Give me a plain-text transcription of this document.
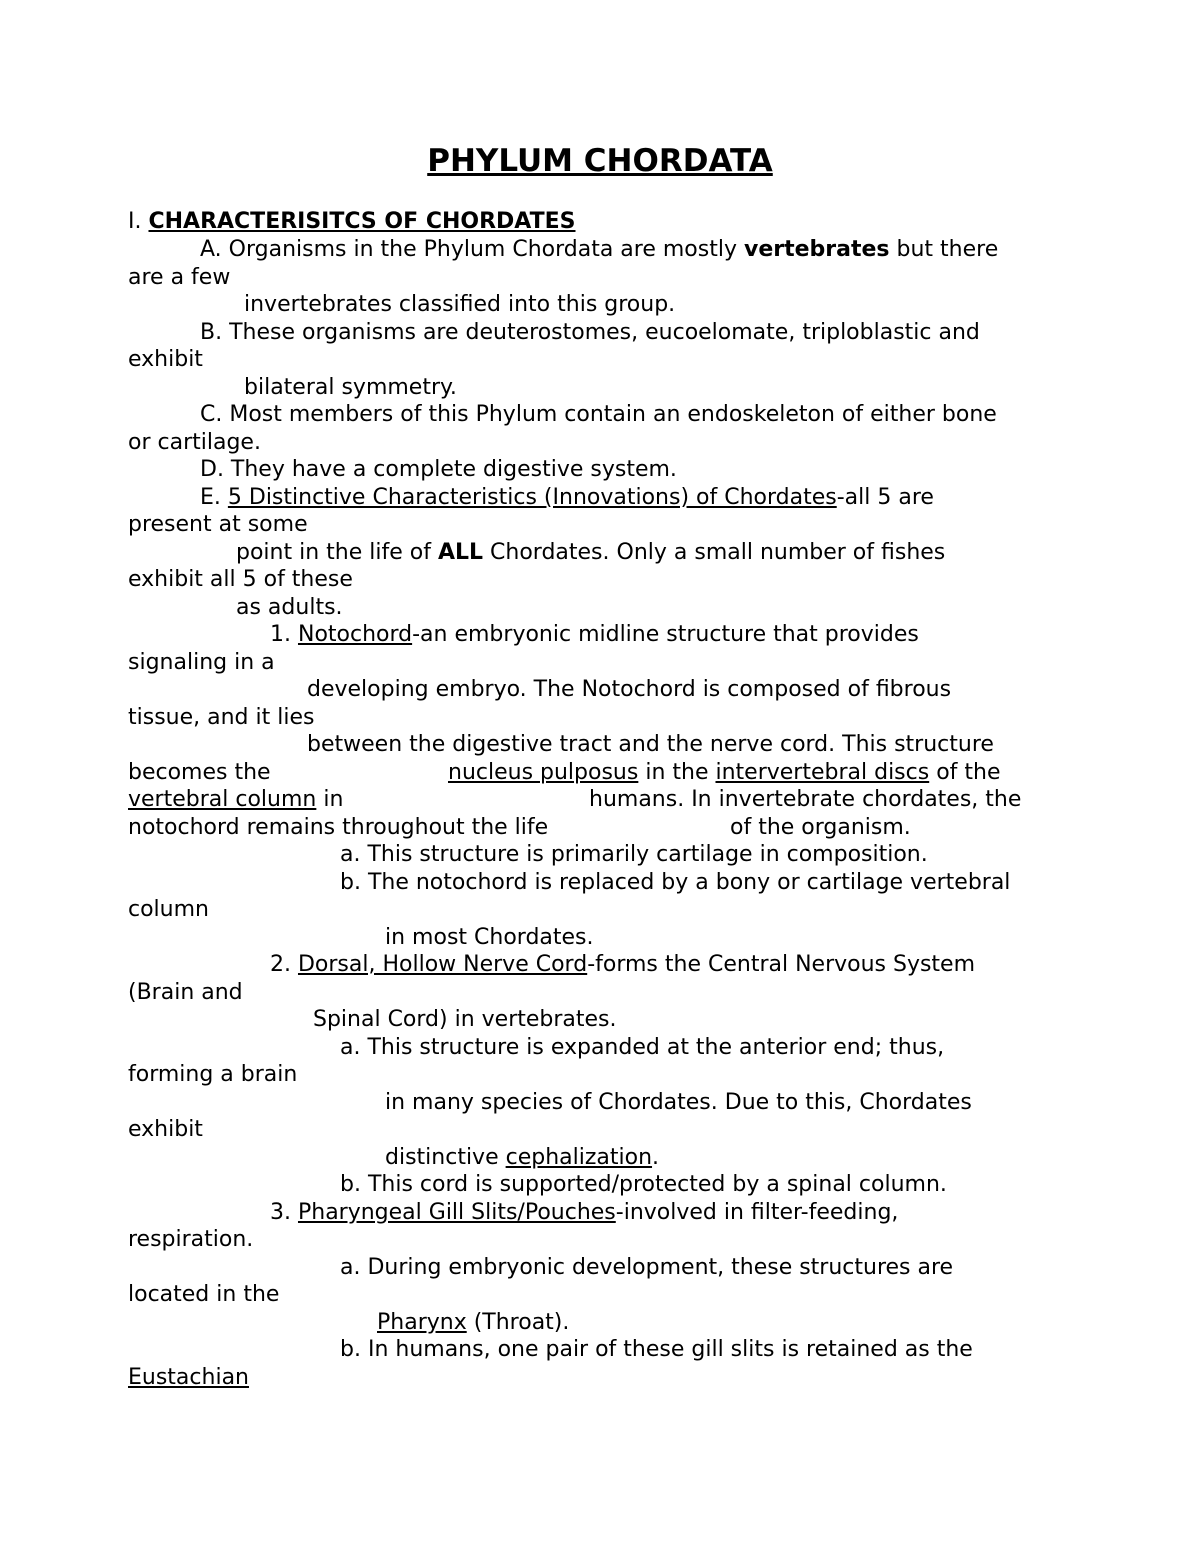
PHYLUM CHORDATA
I. CHARACTERISITCS OF CHORDATES
A. Organisms in the Phylum Chordata are mostly vertebrates but there
are a few
invertebrates classified into this group.
B. These organisms are deuterostomes, eucoelomate, triploblastic and
exhibit
bilateral symmetry.
C. Most members of this Phylum contain an endoskeleton of either bone
or cartilage.
D. They have a complete digestive system.
E. 5 Distinctive Characteristics (Innovations) of Chordates-all 5 are
present at some
point in the life of ALL Chordates. Only a small number of fishes
exhibit all 5 of these
as adults.
1. Notochord-an embryonic midline structure that provides
signaling in a
developing embryo. The Notochord is composed of fibrous
tissue, and it lies
between the digestive tract and the nerve cord. This structure
becomes the	nucleus pulposus in the intervertebral discs of the
vertebral column in	humans. In invertebrate chordates, the
notochord remains throughout the life	of the organism.
a. This structure is primarily cartilage in composition.
b. The notochord is replaced by a bony or cartilage vertebral
column
in most Chordates.
2. Dorsal, Hollow Nerve Cord-forms the Central Nervous System
(Brain and
Spinal Cord) in vertebrates.
a. This structure is expanded at the anterior end; thus,
forming a brain
in many species of Chordates. Due to this, Chordates
exhibit
distinctive cephalization.
b. This cord is supported/protected by a spinal column.
3. Pharyngeal Gill Slits/Pouches-involved in filter-feeding,
respiration.
a. During embryonic development, these structures are
located in the
Pharynx (Throat).
b. In humans, one pair of these gill slits is retained as the
Eustachian
